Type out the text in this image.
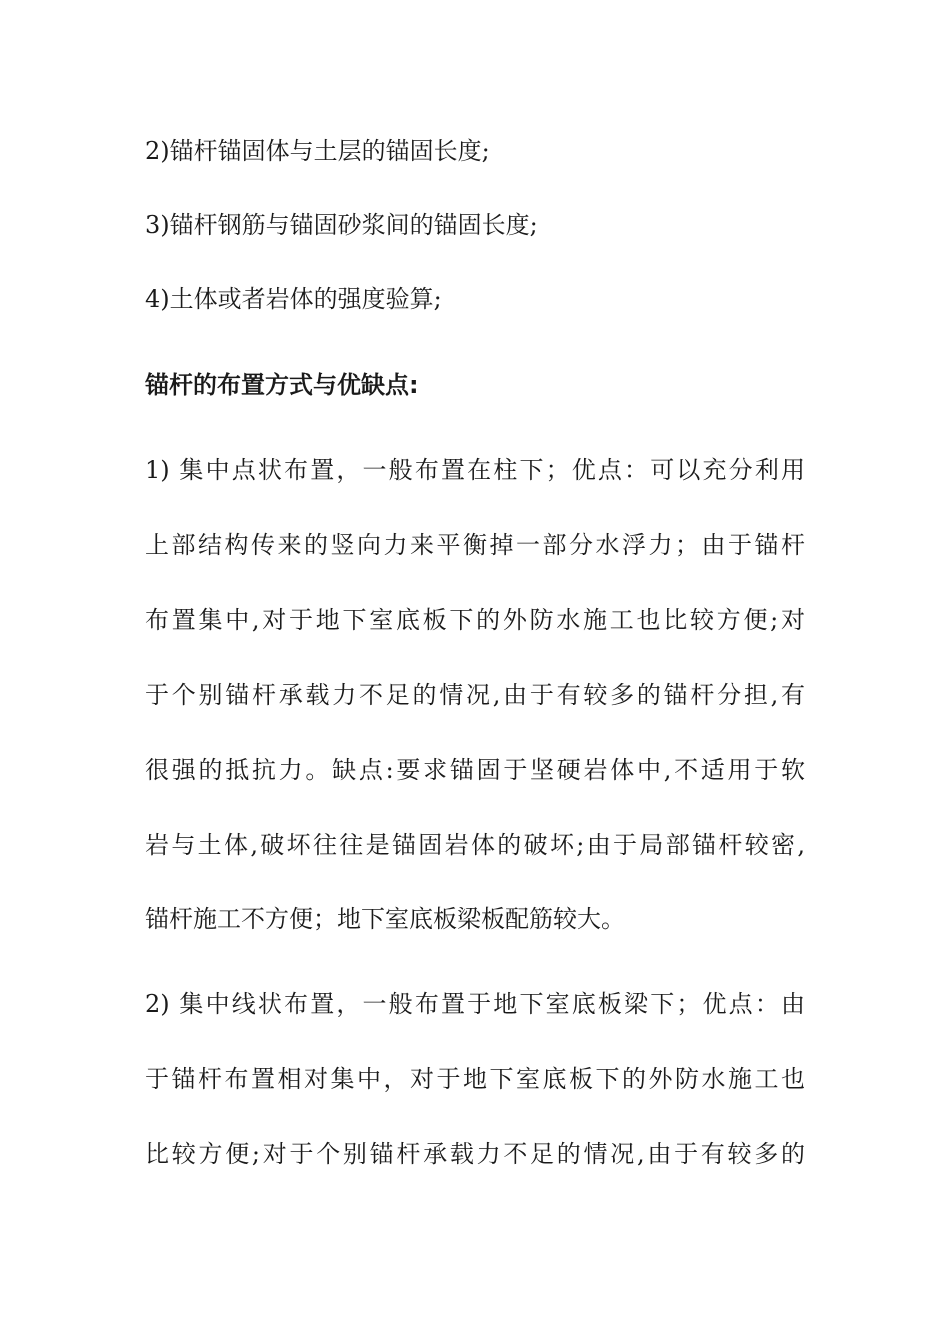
2)锚杆锚固体与土层的锚固长度;
3)锚杆钢筋与锚固砂浆间的锚固长度;
4)土体或者岩体的强度验算;
锚杆的布置方式与优缺点:
1) 集中点状布置，一般布置在柱下；优点：可以充分利用
上部结构传来的竖向力来平衡掉一部分水浮力；由于锚杆
布置集中,对于地下室底板下的外防水施工也比较方便;对
于个别锚杆承载力不足的情况,由于有较多的锚杆分担,有
很强的抵抗力。缺点:要求锚固于坚硬岩体中,不适用于软
岩与土体,破坏往往是锚固岩体的破坏;由于局部锚杆较密,
锚杆施工不方便；地下室底板梁板配筋较大。
2) 集中线状布置，一般布置于地下室底板梁下；优点：由
于锚杆布置相对集中，对于地下室底板下的外防水施工也
比较方便;对于个别锚杆承载力不足的情况,由于有较多的
